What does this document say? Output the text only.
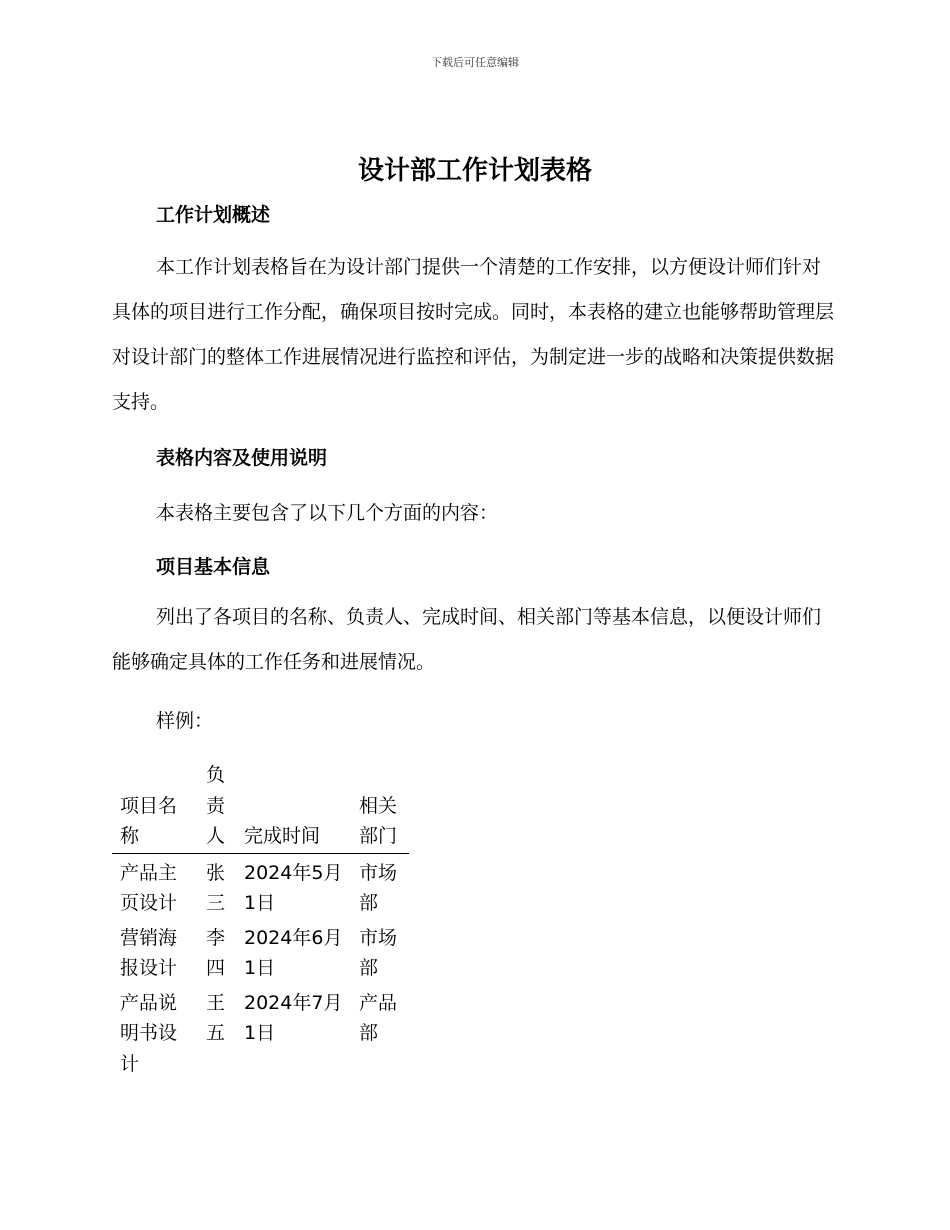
下载后可任意编辑
设计部工作计划表格
工作计划概述

本工作计划表格旨在为设计部门提供一个清楚的工作安排，以方便设计师们针对具体的项目进行工作分配，确保项目按时完成。同时，本表格的建立也能够帮助管理层对设计部门的整体工作进展情况进行监控和评估，为制定进一步的战略和决策提供数据支持。

表格内容及使用说明
本表格主要包含了以下几个方面的内容：
项目基本信息

列出了各项目的名称、负责人、完成时间、相关部门等基本信息，以便设计师们能够确定具体的工作任务和进展情况。

样例：
项目名称	负责人	完成时间	相关部门
产品主页设计	张三	2024年5月1日	市场部
营销海报设计	李四	2024年6月1日	市场部
产品说明书设计	王五	2024年7月1日	产品部
